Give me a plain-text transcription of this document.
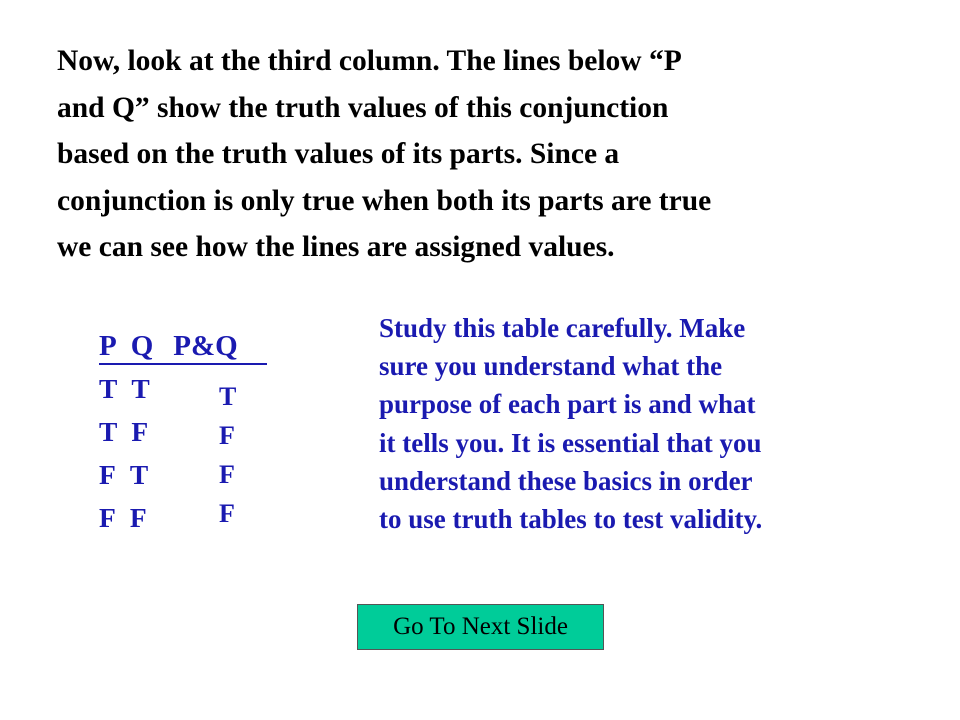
Now, look at the third column. The lines below “P
and Q” show the truth values of this conjunction
based on the truth values of its parts. Since a
conjunction is only true when both its parts are true
we can see how the lines are assigned values.
P Q P&Q
T T
T F
F T
F F
T
F
F
F
Study this table carefully. Make
sure you understand what the
purpose of each part is and what
it tells you. It is essential that you
understand these basics in order
to use truth tables to test validity.
Go To Next Slide
